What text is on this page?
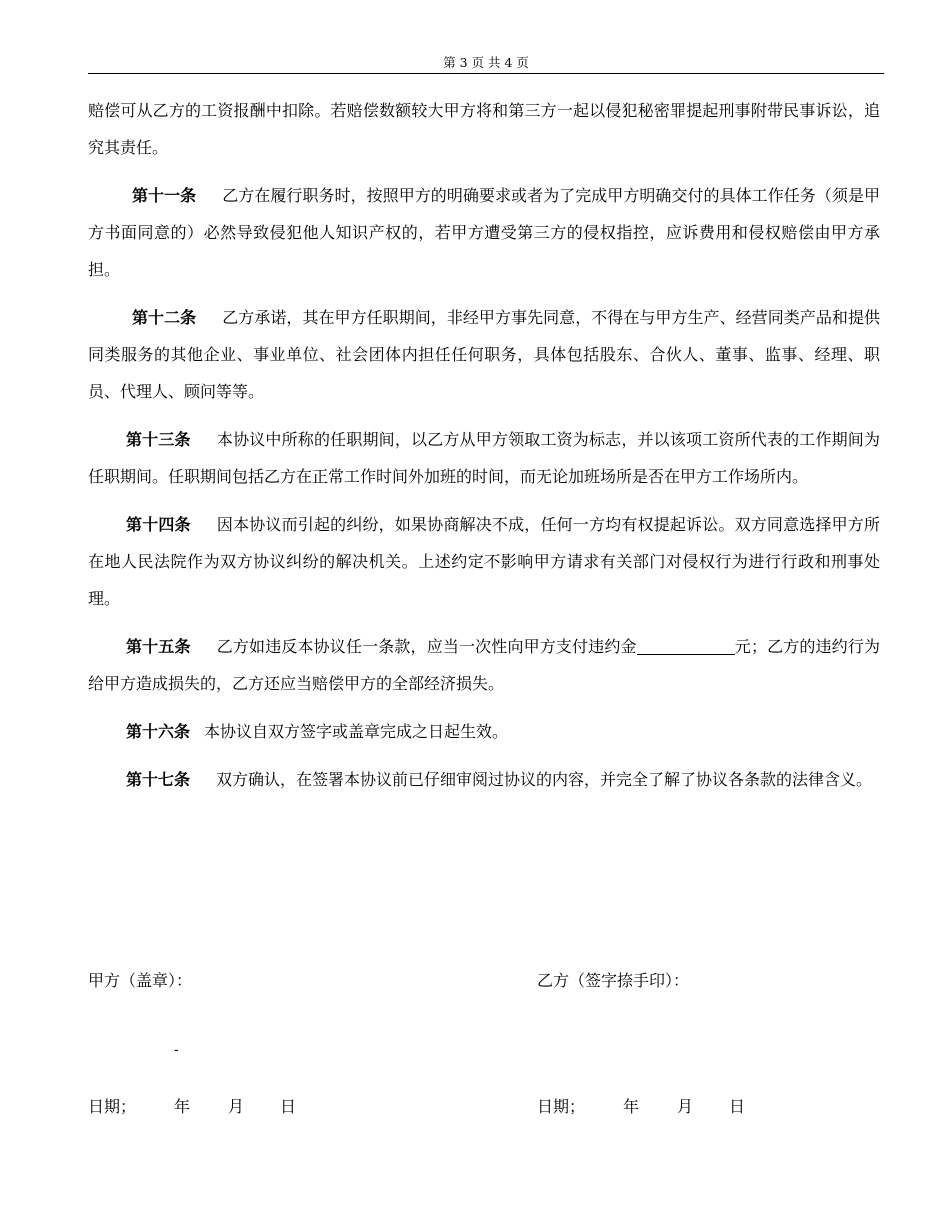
第 3 页 共 4 页

赔偿可从乙方的工资报酬中扣除。若赔偿数额较大甲方将和第三方一起以侵犯秘密罪提起刑事附带民事诉讼，追究其责任。

第十一条 乙方在履行职务时，按照甲方的明确要求或者为了完成甲方明确交付的具体工作任务（须是甲方书面同意的）必然导致侵犯他人知识产权的，若甲方遭受第三方的侵权指控，应诉费用和侵权赔偿由甲方承担。

第十二条 乙方承诺，其在甲方任职期间，非经甲方事先同意，不得在与甲方生产、经营同类产品和提供同类服务的其他企业、事业单位、社会团体内担任任何职务，具体包括股东、合伙人、董事、监事、经理、职员、代理人、顾问等等。

第十三条 本协议中所称的任职期间，以乙方从甲方领取工资为标志，并以该项工资所代表的工作期间为任职期间。任职期间包括乙方在正常工作时间外加班的时间，而无论加班场所是否在甲方工作场所内。

第十四条 因本协议而引起的纠纷，如果协商解决不成，任何一方均有权提起诉讼。双方同意选择甲方所在地人民法院作为双方协议纠纷的解决机关。上述约定不影响甲方请求有关部门对侵权行为进行行政和刑事处理。

第十五条 乙方如违反本协议任一条款，应当一次性向甲方支付违约金	元；乙方的违约行为给甲方造成损失的，乙方还应当赔偿甲方的全部经济损失。

第十六条 本协议自双方签字或盖章完成之日起生效。

第十七条 双方确认，在签署本协议前已仔细审阅过协议的内容，并完全了解了协议各条款的法律含义。

甲方（盖章）：	乙方（签字捺手印）：
-
日期； 年 月 日	日期； 年 月 日
